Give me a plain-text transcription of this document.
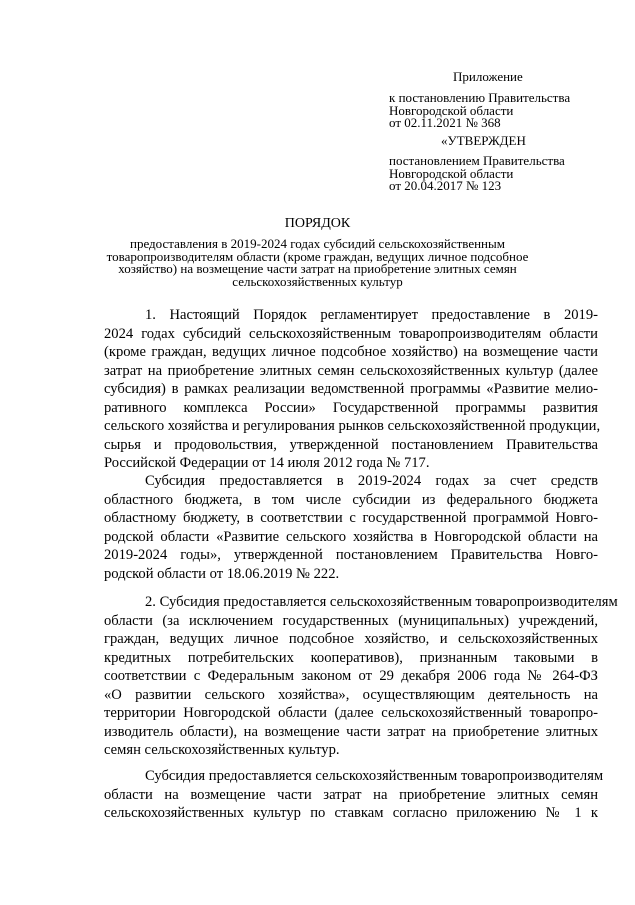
Приложение
к постановлению Правительства
Новгородской области
от 02.11.2021 № 368
«УТВЕРЖДЕН
постановлением Правительства
Новгородской области
от 20.04.2017 № 123
ПОРЯДОК
предоставления в 2019-2024 годах субсидий сельскохозяйственным
товаропроизводителям области (кроме граждан, ведущих личное подсобное
хозяйство) на возмещение части затрат на приобретение элитных семян
сельскохозяйственных культур
1. Настоящий Порядок регламентирует предоставление в 2019-
2024 годах субсидий сельскохозяйственным товаропроизводителям области
(кроме граждан, ведущих личное подсобное хозяйство) на возмещение части
затрат на приобретение элитных семян сельскохозяйственных культур (далее
субсидия) в рамках реализации ведомственной программы «Развитие мелио-
ративного комплекса России» Государственной программы развития
сельского хозяйства и регулирования рынков сельскохозяйственной продукции,
сырья и продовольствия, утвержденной постановлением Правительства
Российской Федерации от 14 июля 2012 года № 717.
Субсидия предоставляется в 2019-2024 годах за счет средств
областного бюджета, в том числе субсидии из федерального бюджета
областному бюджету, в соответствии с государственной программой Новго-
родской области «Развитие сельского хозяйства в Новгородской области на
2019-2024 годы», утвержденной постановлением Правительства Новго-
родской области от 18.06.2019 № 222.
2. Субсидия предоставляется сельскохозяйственным товаропроизводителям
области (за исключением государственных (муниципальных) учреждений,
граждан, ведущих личное подсобное хозяйство, и сельскохозяйственных
кредитных потребительских кооперативов), признанным таковыми в
соответствии с Федеральным законом от 29 декабря 2006 года № 264-ФЗ
«О развитии сельского хозяйства», осуществляющим деятельность на
территории Новгородской области (далее сельскохозяйственный товаропро-
изводитель области), на возмещение части затрат на приобретение элитных
семян сельскохозяйственных культур.
Субсидия предоставляется сельскохозяйственным товаропроизводителям
области на возмещение части затрат на приобретение элитных семян
сельскохозяйственных культур по ставкам согласно приложению № 1 к
